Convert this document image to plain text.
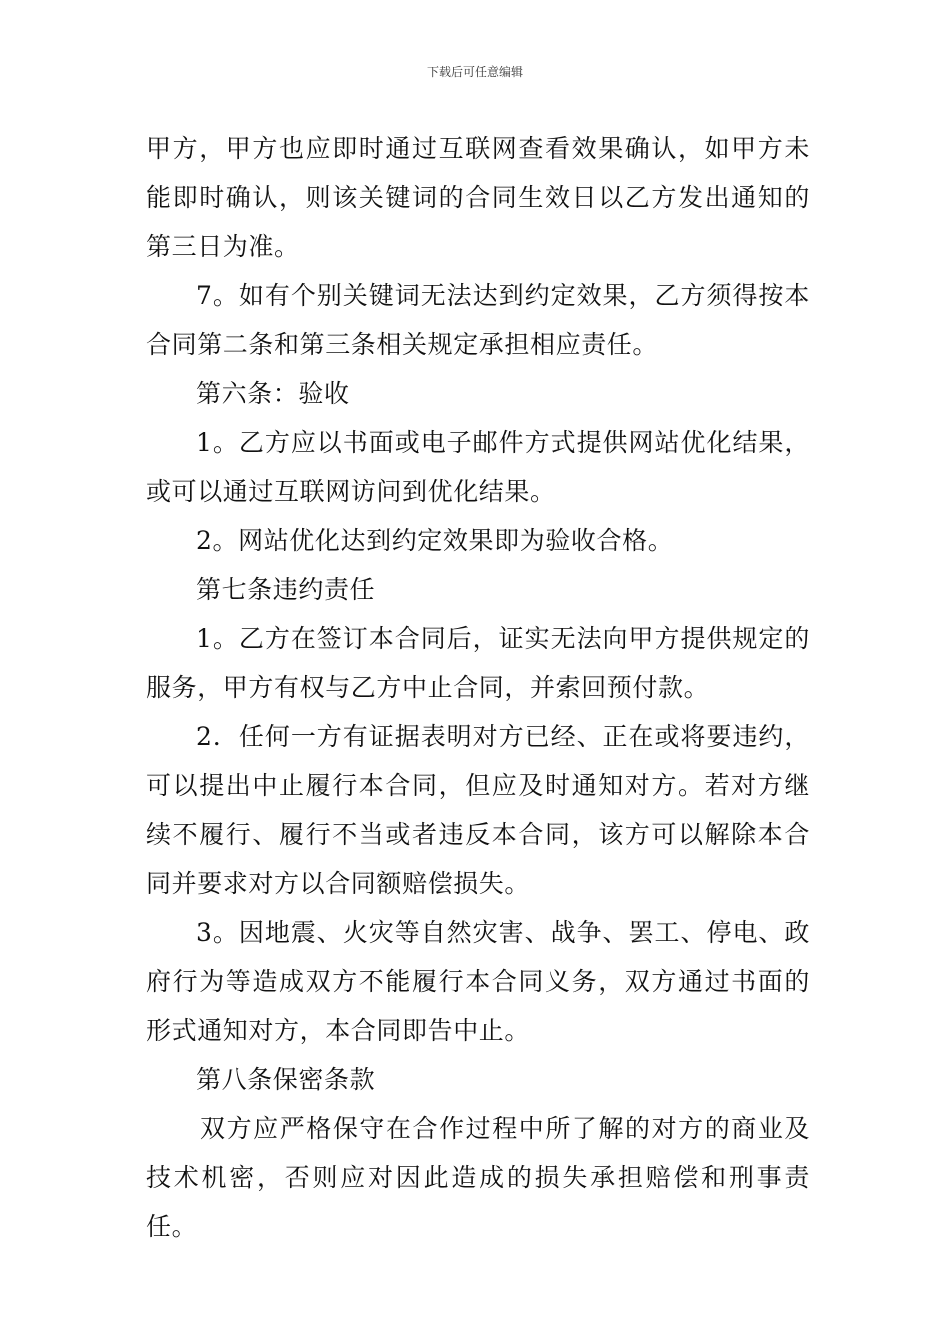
下载后可任意编辑

甲方，甲方也应即时通过互联网查看效果确认，如甲方未能即时确认，则该关键词的合同生效日以乙方发出通知的第三日为准。

7。如有个别关键词无法达到约定效果，乙方须得按本合同第二条和第三条相关规定承担相应责任。

第六条：验收

1。乙方应以书面或电子邮件方式提供网站优化结果，或可以通过互联网访问到优化结果。

2。网站优化达到约定效果即为验收合格。

第七条违约责任

1。乙方在签订本合同后，证实无法向甲方提供规定的服务，甲方有权与乙方中止合同，并索回预付款。

2．任何一方有证据表明对方已经、正在或将要违约，可以提出中止履行本合同，但应及时通知对方。若对方继续不履行、履行不当或者违反本合同，该方可以解除本合同并要求对方以合同额赔偿损失。

3。因地震、火灾等自然灾害、战争、罢工、停电、政府行为等造成双方不能履行本合同义务，双方通过书面的形式通知对方，本合同即告中止。

第八条保密条款

双方应严格保守在合作过程中所了解的对方的商业及技术机密，否则应对因此造成的损失承担赔偿和刑事责任。
